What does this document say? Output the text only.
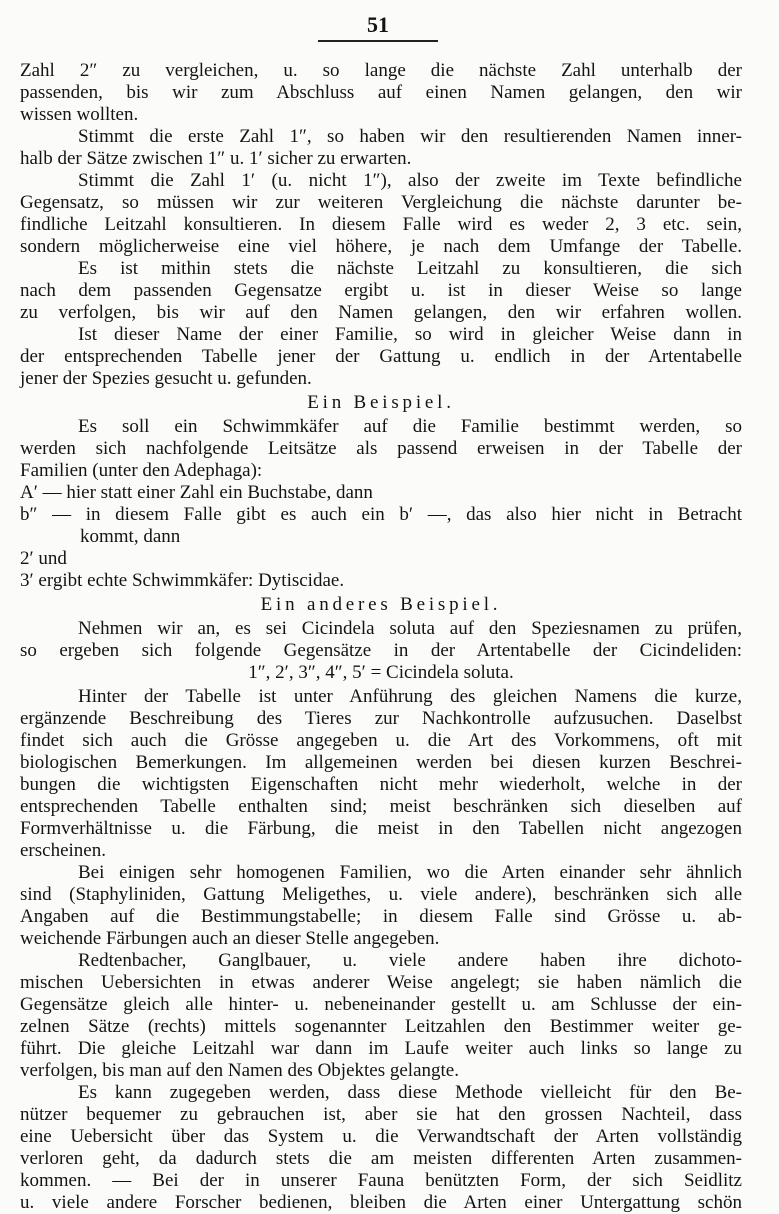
51
Zahl 2″ zu vergleichen, u. so lange die nächste Zahl unterhalb der
passenden, bis wir zum Abschluss auf einen Namen gelangen, den wir
wissen wollten.
Stimmt die erste Zahl 1″, so haben wir den resultierenden Namen inner-
halb der Sätze zwischen 1″ u. 1′ sicher zu erwarten.
Stimmt die Zahl 1′ (u. nicht 1″), also der zweite im Texte befindliche
Gegensatz, so müssen wir zur weiteren Vergleichung die nächste darunter be-
findliche Leitzahl konsultieren. In diesem Falle wird es weder 2, 3 etc. sein,
sondern möglicherweise eine viel höhere, je nach dem Umfange der Tabelle.
Es ist mithin stets die nächste Leitzahl zu konsultieren, die sich
nach dem passenden Gegensatze ergibt u. ist in dieser Weise so lange
zu verfolgen, bis wir auf den Namen gelangen, den wir erfahren wollen.
Ist dieser Name der einer Familie, so wird in gleicher Weise dann in
der entsprechenden Tabelle jener der Gattung u. endlich in der Artentabelle
jener der Spezies gesucht u. gefunden.
Ein Beispiel.
Es soll ein Schwimmkäfer auf die Familie bestimmt werden, so
werden sich nachfolgende Leitsätze als passend erweisen in der Tabelle der
Familien (unter den Adephaga):
A′ — hier statt einer Zahl ein Buchstabe, dann
b″ — in diesem Falle gibt es auch ein b′ —, das also hier nicht in Betracht
kommt, dann
2′ und
3′ ergibt echte Schwimmkäfer: Dytiscidae.
Ein anderes Beispiel.
Nehmen wir an, es sei Cicindela soluta auf den Speziesnamen zu prüfen,
so ergeben sich folgende Gegensätze in der Artentabelle der Cicindeliden:
1″, 2′, 3″, 4″, 5′ = Cicindela soluta.
Hinter der Tabelle ist unter Anführung des gleichen Namens die kurze,
ergänzende Beschreibung des Tieres zur Nachkontrolle aufzusuchen. Daselbst
findet sich auch die Grösse angegeben u. die Art des Vorkommens, oft mit
biologischen Bemerkungen. Im allgemeinen werden bei diesen kurzen Beschrei-
bungen die wichtigsten Eigenschaften nicht mehr wiederholt, welche in der
entsprechenden Tabelle enthalten sind; meist beschränken sich dieselben auf
Formverhältnisse u. die Färbung, die meist in den Tabellen nicht angezogen
erscheinen.
Bei einigen sehr homogenen Familien, wo die Arten einander sehr ähnlich
sind (Staphyliniden, Gattung Meligethes, u. viele andere), beschränken sich alle
Angaben auf die Bestimmungstabelle; in diesem Falle sind Grösse u. ab-
weichende Färbungen auch an dieser Stelle angegeben.
Redtenbacher, Ganglbauer, u. viele andere haben ihre dichoto-
mischen Uebersichten in etwas anderer Weise angelegt; sie haben nämlich die
Gegensätze gleich alle hinter- u. nebeneinander gestellt u. am Schlusse der ein-
zelnen Sätze (rechts) mittels sogenannter Leitzahlen den Bestimmer weiter ge-
führt. Die gleiche Leitzahl war dann im Laufe weiter auch links so lange zu
verfolgen, bis man auf den Namen des Objektes gelangte.
Es kann zugegeben werden, dass diese Methode vielleicht für den Be-
nützer bequemer zu gebrauchen ist, aber sie hat den grossen Nachteil, dass
eine Uebersicht über das System u. die Verwandtschaft der Arten vollständig
verloren geht, da dadurch stets die am meisten differenten Arten zusammen-
kommen. — Bei der in unserer Fauna benützten Form, der sich Seidlitz
u. viele andere Forscher bedienen, bleiben die Arten einer Untergattung schön
